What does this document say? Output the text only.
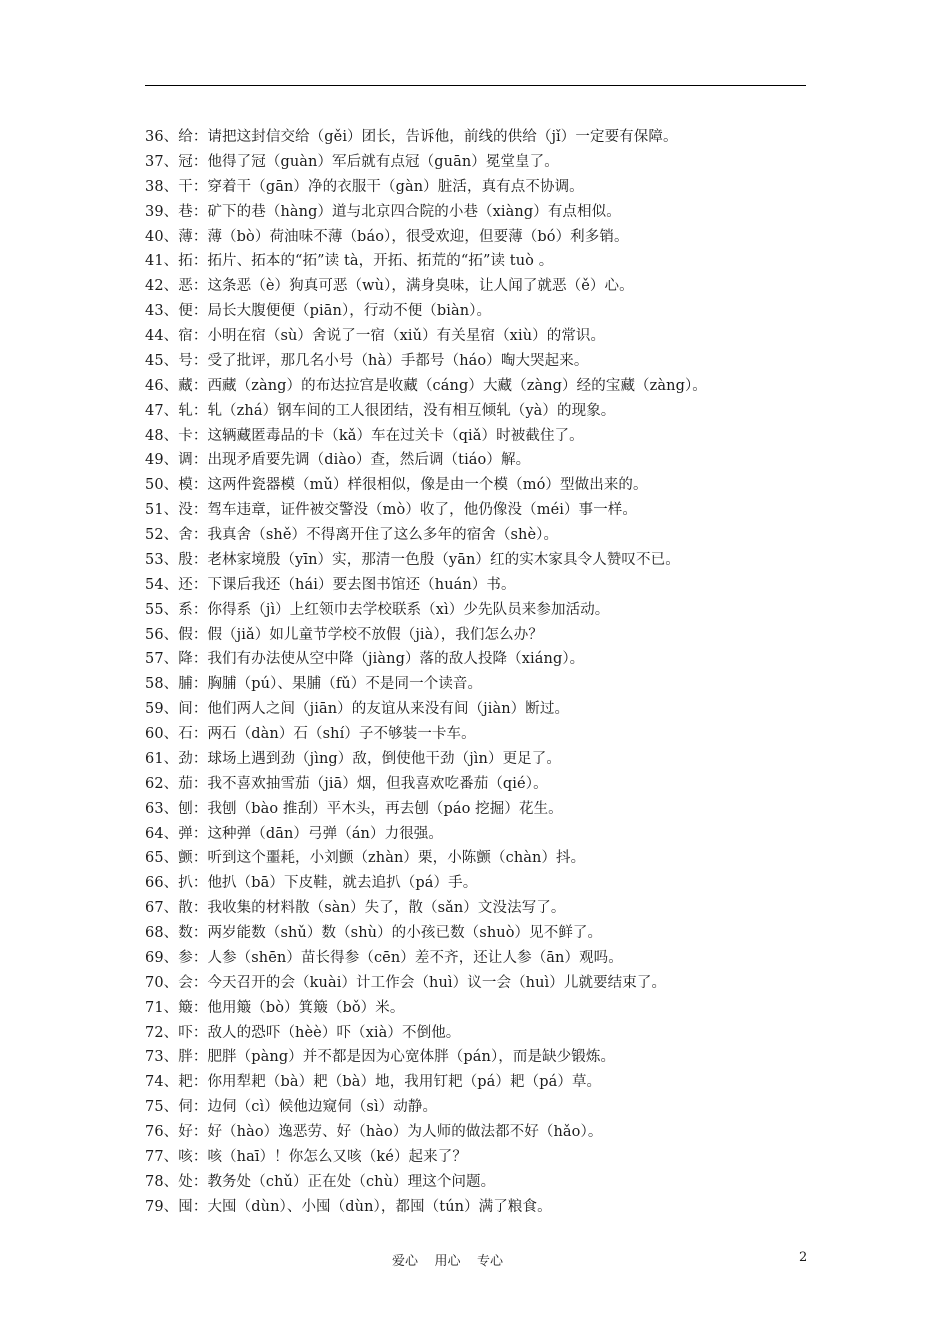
36、给：请把这封信交给（gěi）团长，告诉他，前线的供给（jǐ）一定要有保障。
37、冠：他得了冠（guàn）军后就有点冠（guān）冕堂皇了。
38、干：穿着干（gān）净的衣服干（gàn）脏活，真有点不协调。
39、巷：矿下的巷（hàng）道与北京四合院的小巷（xiàng）有点相似。
40、薄：薄（bò）荷油味不薄（báo），很受欢迎，但要薄（bó）利多销。
41、拓：拓片、拓本的“拓”读 tà，开拓、拓荒的“拓”读 tuò 。
42、恶：这条恶（è）狗真可恶（wù），满身臭味，让人闻了就恶（ě）心。
43、便：局长大腹便便（piān），行动不便（biàn）。
44、宿：小明在宿（sù）舍说了一宿（xiǔ）有关星宿（xiù）的常识。
45、号：受了批评，那几名小号（hà）手都号（háo）啕大哭起来。
46、藏：西藏（zàng）的布达拉宫是收藏（cáng）大藏（zàng）经的宝藏（zàng）。
47、轧：轧（zhá）钢车间的工人很团结，没有相互倾轧（yà）的现象。
48、卡：这辆藏匿毒品的卡（kǎ）车在过关卡（qiǎ）时被截住了。
49、调：出现矛盾要先调（diào）查，然后调（tiáo）解。
50、模：这两件瓷器模（mǔ）样很相似，像是由一个模（mó）型做出来的。
51、没：驾车违章，证件被交警没（mò）收了，他仍像没（méi）事一样。
52、舍：我真舍（shě）不得离开住了这么多年的宿舍（shè）。
53、殷：老林家境殷（yīn）实，那清一色殷（yān）红的实木家具令人赞叹不已。
54、还：下课后我还（hái）要去图书馆还（huán）书。
55、系：你得系（jì）上红领巾去学校联系（xì）少先队员来参加活动。
56、假：假（jiǎ）如儿童节学校不放假（jià），我们怎么办？
57、降：我们有办法使从空中降（jiàng）落的敌人投降（xiáng）。
58、脯：胸脯（pú）、果脯（fǔ）不是同一个读音。
59、间：他们两人之间（jiān）的友谊从来没有间（jiàn）断过。
60、石：两石（dàn）石（shí）子不够装一卡车。
61、劲：球场上遇到劲（jìng）敌，倒使他干劲（jìn）更足了。
62、茄：我不喜欢抽雪茄（jiā）烟，但我喜欢吃番茄（qié）。
63、刨：我刨（bào 推刮）平木头，再去刨（páo 挖掘）花生。
64、弹：这种弹（dān）弓弹（án）力很强。
65、颤：听到这个噩耗，小刘颤（zhàn）栗，小陈颤（chàn）抖。
66、扒：他扒（bā）下皮鞋，就去追扒（pá）手。
67、散：我收集的材料散（sàn）失了，散（sǎn）文没法写了。
68、数：两岁能数（shǔ）数（shù）的小孩已数（shuò）见不鲜了。
69、参：人参（shēn）苗长得参（cēn）差不齐，还让人参（ān）观吗。
70、会：今天召开的会（kuài）计工作会（huì）议一会（huì）儿就要结束了。
71、簸：他用簸（bò）箕簸（bǒ）米。
72、吓：敌人的恐吓（hèè）吓（xià）不倒他。
73、胖：肥胖（pàng）并不都是因为心宽体胖（pán），而是缺少锻炼。
74、耙：你用犁耙（bà）耙（bà）地，我用钉耙（pá）耙（pá）草。
75、伺：边伺（cì）候他边窥伺（sì）动静。
76、好：好（hào）逸恶劳、好（hào）为人师的做法都不好（hǎo）。
77、咳：咳（haī）！你怎么又咳（ké）起来了？
78、处：教务处（chǔ）正在处（chù）理这个问题。
79、囤：大囤（dùn）、小囤（dùn），都囤（tún）满了粮食。
爱心    用心    专心	2
